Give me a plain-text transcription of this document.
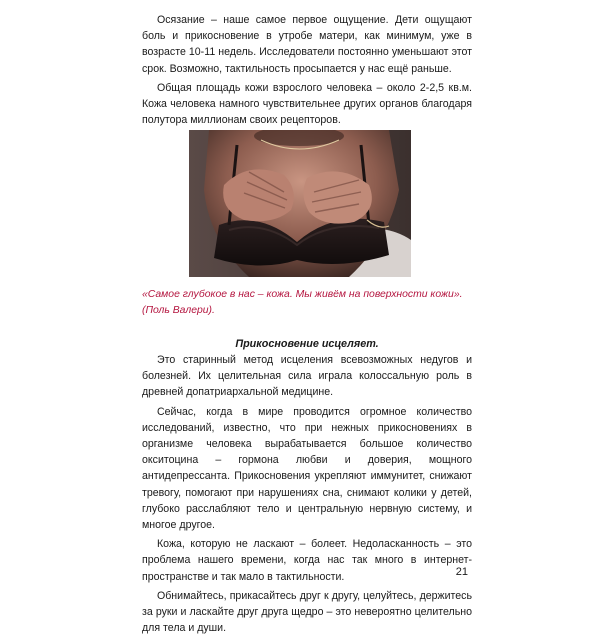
Осязание – наше самое первое ощущение. Дети ощущают боль и прикосновение в утробе матери, как минимум, уже в возрасте 10-11 недель. Исследователи постоянно уменьшают этот срок. Возможно, тактильность просыпается у нас ещё раньше.

Общая площадь кожи взрослого человека – около 2-2,5 кв.м. Кожа человека намного чувствительнее других органов благодаря полутора миллионам своих рецепторов.

«Самое глубокое в нас – кожа. Мы живём на поверхности кожи».
(Поль Валери).
Прикосновение исцеляет.

Это старинный метод исцеления всевозможных недугов и болезней. Их целительная сила играла колоссальную роль в древней допатриархальной медицине.

Сейчас, когда в мире проводится огромное количество исследований, известно, что при нежных прикосновениях в организме человека вырабатывается большое количество окситоцина – гормона любви и доверия, мощного антидепрессанта. Прикосновения укрепляют иммунитет, снижают тревогу, помогают при нарушениях сна, снимают колики у детей, глубоко расслабляют тело и центральную нервную систему, и многое другое.

Кожа, которую не ласкают – болеет. Недоласканность – это проблема нашего времени, когда нас так много в интернет-пространстве и так мало в тактильности.

Обнимайтесь, прикасайтесь друг к другу, целуйтесь, держитесь за руки и ласкайте друг друга щедро – это невероятно целительно для тела и души.

21
